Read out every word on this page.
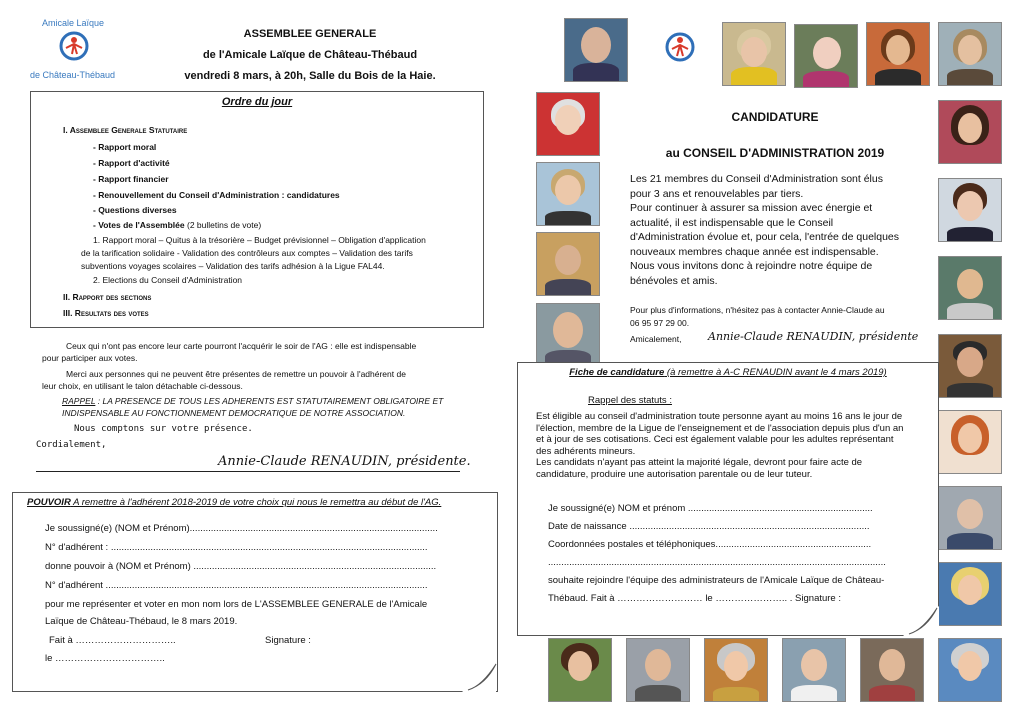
Amicale Laïque
de Château-Thébaud
ASSEMBLEE GENERALE
de l'Amicale Laïque de Château-Thébaud
vendredi 8 mars, à 20h, Salle du Bois de la Haie.
Ordre du jour
I. Assemblee Generale Statutaire
- Rapport moral
- Rapport d'activité
- Rapport financier
- Renouvellement du Conseil d'Administration : candidatures
- Questions diverses
- Votes de l'Assemblée (2 bulletins de vote)
1. Rapport moral – Quitus à la trésorière – Budget prévisionnel – Obligation d'application
de la tarification solidaire - Validation des contrôleurs aux comptes – Validation des tarifs
subventions voyages scolaires – Validation des tarifs adhésion à la Ligue FAL44.
2. Elections du Conseil d'Administration
II. Rapport des sections
III. Resultats des votes
Ceux qui n'ont pas encore leur carte pourront l'acquérir le soir de l'AG : elle est indispensable
pour participer aux votes.
Merci aux personnes qui ne peuvent être présentes de remettre un pouvoir à l'adhérent de
leur choix, en utilisant le talon détachable ci-dessous.
RAPPEL : LA PRESENCE DE TOUS LES ADHERENTS EST STATUTAIREMENT OBLIGATOIRE ET
INDISPENSABLE AU FONCTIONNEMENT DEMOCRATIQUE DE NOTRE ASSOCIATION.
Nous comptons sur votre présence.
Cordialement,
Annie-Claude RENAUDIN, présidente.
POUVOIR A remettre à l'adhérent 2018-2019 de votre choix qui nous le remettra au début de l'AG.
Je soussigné(e) (NOM et Prénom)..............................................................................................
N° d'adhérent : ........................................................................................................................
donne pouvoir à (NOM et Prénom) ............................................................................................
N° d'adhérent ..........................................................................................................................
pour me représenter et voter en mon nom lors de L'ASSEMBLEE GENERALE de l'Amicale
Laïque de Château-Thébaud, le 8 mars 2019.
Fait à …………………………..	Signature :
le ……………………………..
CANDIDATURE
au CONSEIL D'ADMINISTRATION 2019
Les 21 membres du Conseil d'Administration sont élus
pour 3 ans et renouvelables par tiers.
Pour continuer à assurer sa mission avec énergie et
actualité, il est indispensable que le Conseil
d'Administration évolue et, pour cela, l'entrée de quelques
nouveaux membres chaque année est indispensable.
Nous vous invitons donc à rejoindre notre équipe de
bénévoles et amis.
Pour plus d'informations, n'hésitez pas à contacter Annie-Claude au
06 95 97 29 00.
Amicalement, Annie-Claude RENAUDIN, présidente
Fiche de candidature (à remettre à A-C RENAUDIN avant le 4 mars 2019)
Rappel des statuts :
Est éligible au conseil d'administration toute personne ayant au moins 16 ans le jour de
l'élection, membre de la Ligue de l'enseignement et de l'association depuis plus d'un an
et à jour de ses cotisations. Ceci est également valable pour les adultes représentant
des adhérents mineurs.
Les candidats n'ayant pas atteint la majorité légale, devront pour faire acte de
candidature, produire une autorisation parentale ou de leur tuteur.
Je soussigné(e) NOM et prénom ......................................................................
Date de naissance ...........................................................................................
Coordonnées postales et téléphoniques...........................................................
................................................................................................................................
souhaite rejoindre l'équipe des administrateurs de l'Amicale Laïque de Château-
Thébaud. Fait à ……………………… le ………………….. . Signature :
